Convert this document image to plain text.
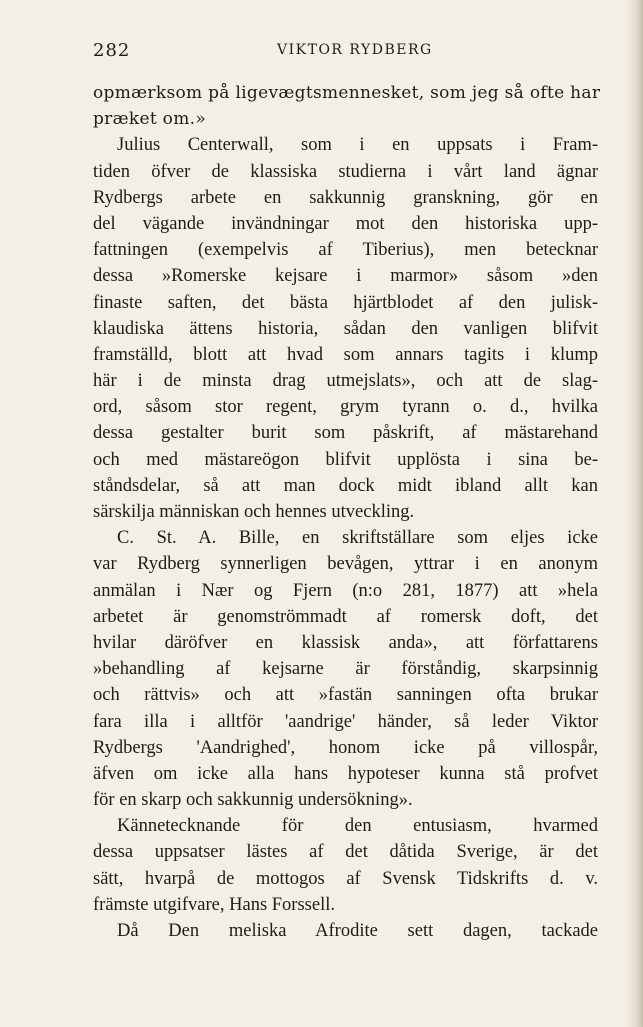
282	VIKTOR RYDBERG
opmærksom på ligevægtsmennesket, som jeg så ofte har
præket om.»
Julius Centerwall, som i en uppsats i Fram-
tiden öfver de klassiska studierna i vårt land ägnar
Rydbergs arbete en sakkunnig granskning, gör en
del vägande invändningar mot den historiska upp-
fattningen (exempelvis af Tiberius), men betecknar
dessa »Romerske kejsare i marmor» såsom »den
finaste saften, det bästa hjärtblodet af den julisk-
klaudiska ättens historia, sådan den vanligen blifvit
framställd, blott att hvad som annars tagits i klump
här i de minsta drag utmejslats», och att de slag-
ord, såsom stor regent, grym tyrann o. d., hvilka
dessa gestalter burit som påskrift, af mästarehand
och med mästareögon blifvit upplösta i sina be-
ståndsdelar, så att man dock midt ibland allt kan
särskilja människan och hennes utveckling.
C. St. A. Bille, en skriftställare som eljes icke
var Rydberg synnerligen bevågen, yttrar i en anonym
anmälan i Nær og Fjern (n:o 281, 1877) att »hela
arbetet är genomströmmadt af romersk doft, det
hvilar däröfver en klassisk anda», att författarens
»behandling af kejsarne är förståndig, skarpsinnig
och rättvis» och att »fastän sanningen ofta brukar
fara illa i alltför 'aandrige' händer, så leder Viktor
Rydbergs 'Aandrighed', honom icke på villospår,
äfven om icke alla hans hypoteser kunna stå profvet
för en skarp och sakkunnig undersökning».
Kännetecknande för den entusiasm, hvarmed
dessa uppsatser lästes af det dåtida Sverige, är det
sätt, hvarpå de mottogos af Svensk Tidskrifts d. v.
främste utgifvare, Hans Forssell.
Då Den meliska Afrodite sett dagen, tackade
